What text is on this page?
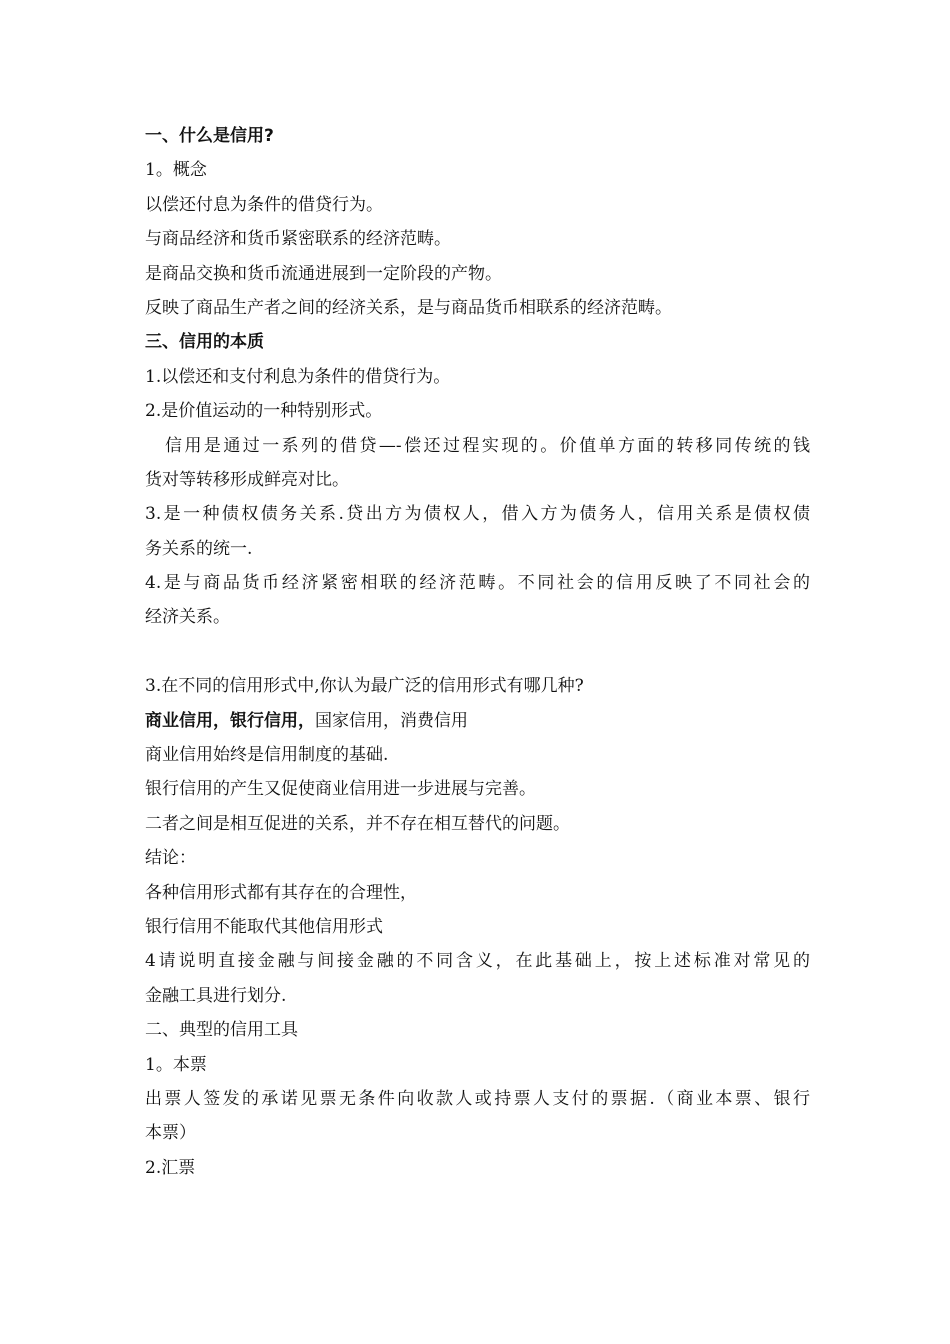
一、什么是信用?
1。概念
以偿还付息为条件的借贷行为。
与商品经济和货币紧密联系的经济范畴。
是商品交换和货币流通进展到一定阶段的产物。
反映了商品生产者之间的经济关系，是与商品货币相联系的经济范畴。
三、信用的本质
1.以偿还和支付利息为条件的借贷行为。
2.是价值运动的一种特别形式。
信用是通过一系列的借贷—-偿还过程实现的。价值单方面的转移同传统的钱
货对等转移形成鲜亮对比。
3.是一种债权债务关系.贷出方为债权人，借入方为债务人，信用关系是债权债
务关系的统一.
4.是与商品货币经济紧密相联的经济范畴。不同社会的信用反映了不同社会的
经济关系。
3.在不同的信用形式中,你认为最广泛的信用形式有哪几种?
商业信用，银行信用，国家信用，消费信用
商业信用始终是信用制度的基础.
银行信用的产生又促使商业信用进一步进展与完善。
二者之间是相互促进的关系，并不存在相互替代的问题。
结论：
各种信用形式都有其存在的合理性，
银行信用不能取代其他信用形式
4请说明直接金融与间接金融的不同含义，在此基础上，按上述标准对常见的
金融工具进行划分.
二、典型的信用工具
1。本票
出票人签发的承诺见票无条件向收款人或持票人支付的票据.（商业本票、银行
本票）
2.汇票
